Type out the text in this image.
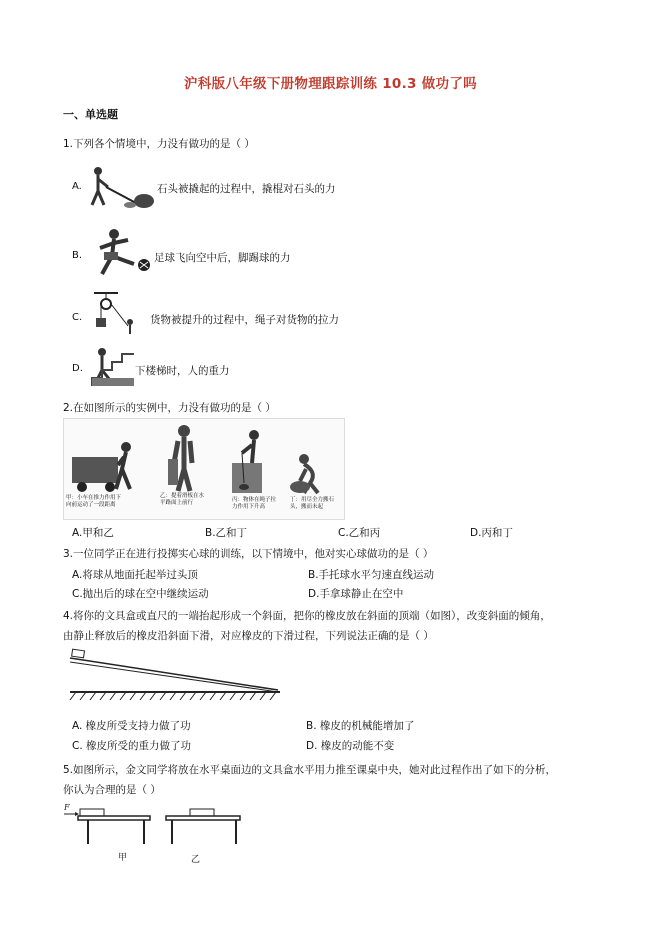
沪科版八年级下册物理跟踪训练 10.3 做功了吗
一、单选题
1.下列各个情境中，力没有做功的是（ ）
A.	石头被撬起的过程中，撬棍对石头的力
B.	足球飞向空中后，脚踢球的力
C.	货物被提升的过程中，绳子对货物的拉力
D.	下楼梯时，人的重力
2.在如图所示的实例中，力没有做功的是（ ）
甲：小车在推力作用下向前运动了一段距离
乙：提着滑板在水平路面上前行	丙：物体在绳子拉力作用下升高
丁：用尽全力搬石头，搬而未起
A.甲和乙	B.乙和丁	C.乙和丙	D.丙和丁
3.一位同学正在进行投掷实心球的训练，以下情境中，他对实心球做功的是（ ）
A.将球从地面托起举过头顶	B.手托球水平匀速直线运动
C.抛出后的球在空中继续运动	D.手拿球静止在空中
4.将你的文具盒或直尺的一端抬起形成一个斜面，把你的橡皮放在斜面的顶端（如图），改变斜面的倾角，
由静止释放后的橡皮沿斜面下滑，对应橡皮的下滑过程，下列说法正确的是（ ）
A. 橡皮所受支持力做了功	B. 橡皮的机械能增加了
C. 橡皮所受的重力做了功	D. 橡皮的动能不变
5.如图所示，金文同学将放在水平桌面边的文具盒水平用力推至课桌中央，她对此过程作出了如下的分析，
你认为合理的是（ ）
F
甲	乙
